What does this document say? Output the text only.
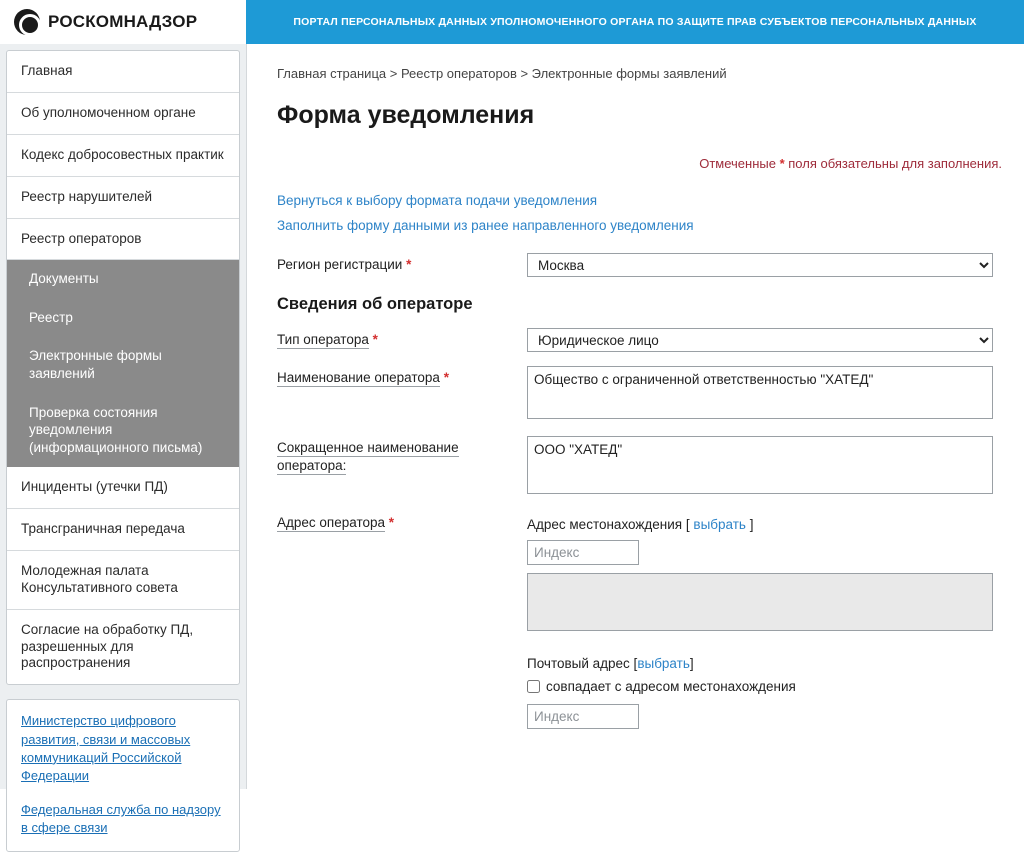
РОСКОМНАДЗОР	ПОРТАЛ ПЕРСОНАЛЬНЫХ ДАННЫХ УПОЛНОМОЧЕННОГО ОРГАНА ПО ЗАЩИТЕ ПРАВ СУБЪЕКТОВ ПЕРСОНАЛЬНЫХ ДАННЫХ
Главная
Об уполномоченном органе
Кодекс добросовестных практик
Реестр нарушителей
Реестр операторов
Документы
Реестр
Электронные формы заявлений
Проверка состояния уведомления (информационного письма)
Инциденты (утечки ПД)
Трансграничная передача
Молодежная палата Консультативного совета
Согласие на обработку ПД, разрешенных для распространения
Министерство цифрового развития, связи и массовых коммуникаций Российской Федерации
Федеральная служба по надзору в сфере связи
Главная страница > Реестр операторов > Электронные формы заявлений
Форма уведомления
Отмеченные * поля обязательны для заполнения.
Вернуться к выбору формата подачи уведомления
Заполнить форму данными из ранее направленного уведомления
Регион регистрации *
Москва
Сведения об операторе
Тип оператора *
Юридическое лицо
Наименование оператора *
Общество с ограниченной ответственностью "ХАТЕД"
Сокращенное наименование оператора:
ООО "ХАТЕД"
Адрес оператора *	Адрес местонахождения [ выбрать ]
Индекс
Почтовый адрес [выбрать]
совпадает с адресом местонахождения
Индекс
